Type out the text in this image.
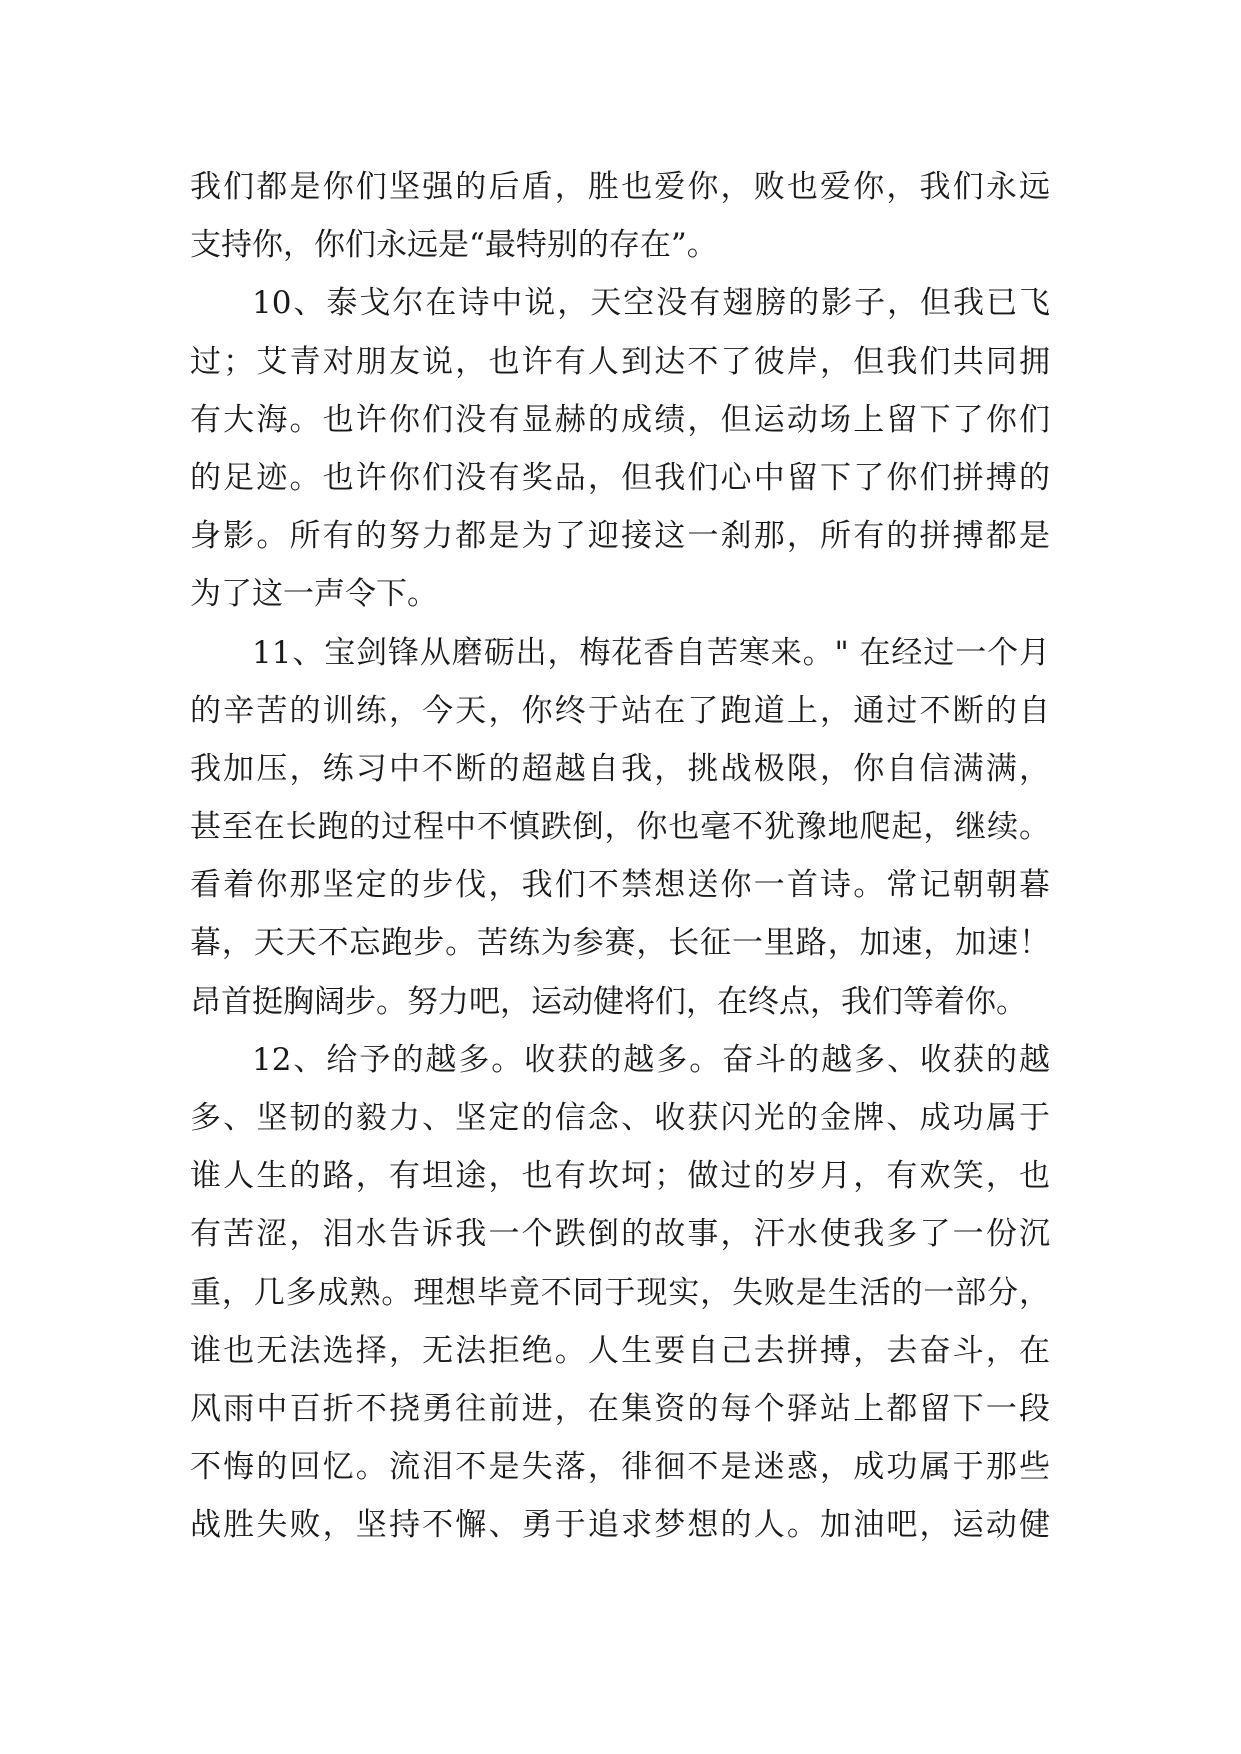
我们都是你们坚强的后盾，胜也爱你，败也爱你，我们永远
支持你，你们永远是“最特别的存在”。
10、泰戈尔在诗中说，天空没有翅膀的影子，但我已飞
过；艾青对朋友说，也许有人到达不了彼岸，但我们共同拥
有大海。也许你们没有显赫的成绩，但运动场上留下了你们
的足迹。也许你们没有奖品，但我们心中留下了你们拼搏的
身影。所有的努力都是为了迎接这一刹那，所有的拼搏都是
为了这一声令下。
11、宝剑锋从磨砺出，梅花香自苦寒来。" 在经过一个月
的辛苦的训练，今天，你终于站在了跑道上，通过不断的自
我加压，练习中不断的超越自我，挑战极限，你自信满满，
甚至在长跑的过程中不慎跌倒，你也毫不犹豫地爬起，继续。
看着你那坚定的步伐，我们不禁想送你一首诗。常记朝朝暮
暮，天天不忘跑步。苦练为参赛，长征一里路，加速，加速！
昂首挺胸阔步。努力吧，运动健将们，在终点，我们等着你。
12、给予的越多。收获的越多。奋斗的越多、收获的越
多、坚韧的毅力、坚定的信念、收获闪光的金牌、成功属于
谁人生的路，有坦途，也有坎坷；做过的岁月，有欢笑，也
有苦涩，泪水告诉我一个跌倒的故事，汗水使我多了一份沉
重，几多成熟。理想毕竟不同于现实，失败是生活的一部分，
谁也无法选择，无法拒绝。人生要自己去拼搏，去奋斗，在
风雨中百折不挠勇往前进，在集资的每个驿站上都留下一段
不悔的回忆。流泪不是失落，徘徊不是迷惑，成功属于那些
战胜失败，坚持不懈、勇于追求梦想的人。加油吧，运动健
